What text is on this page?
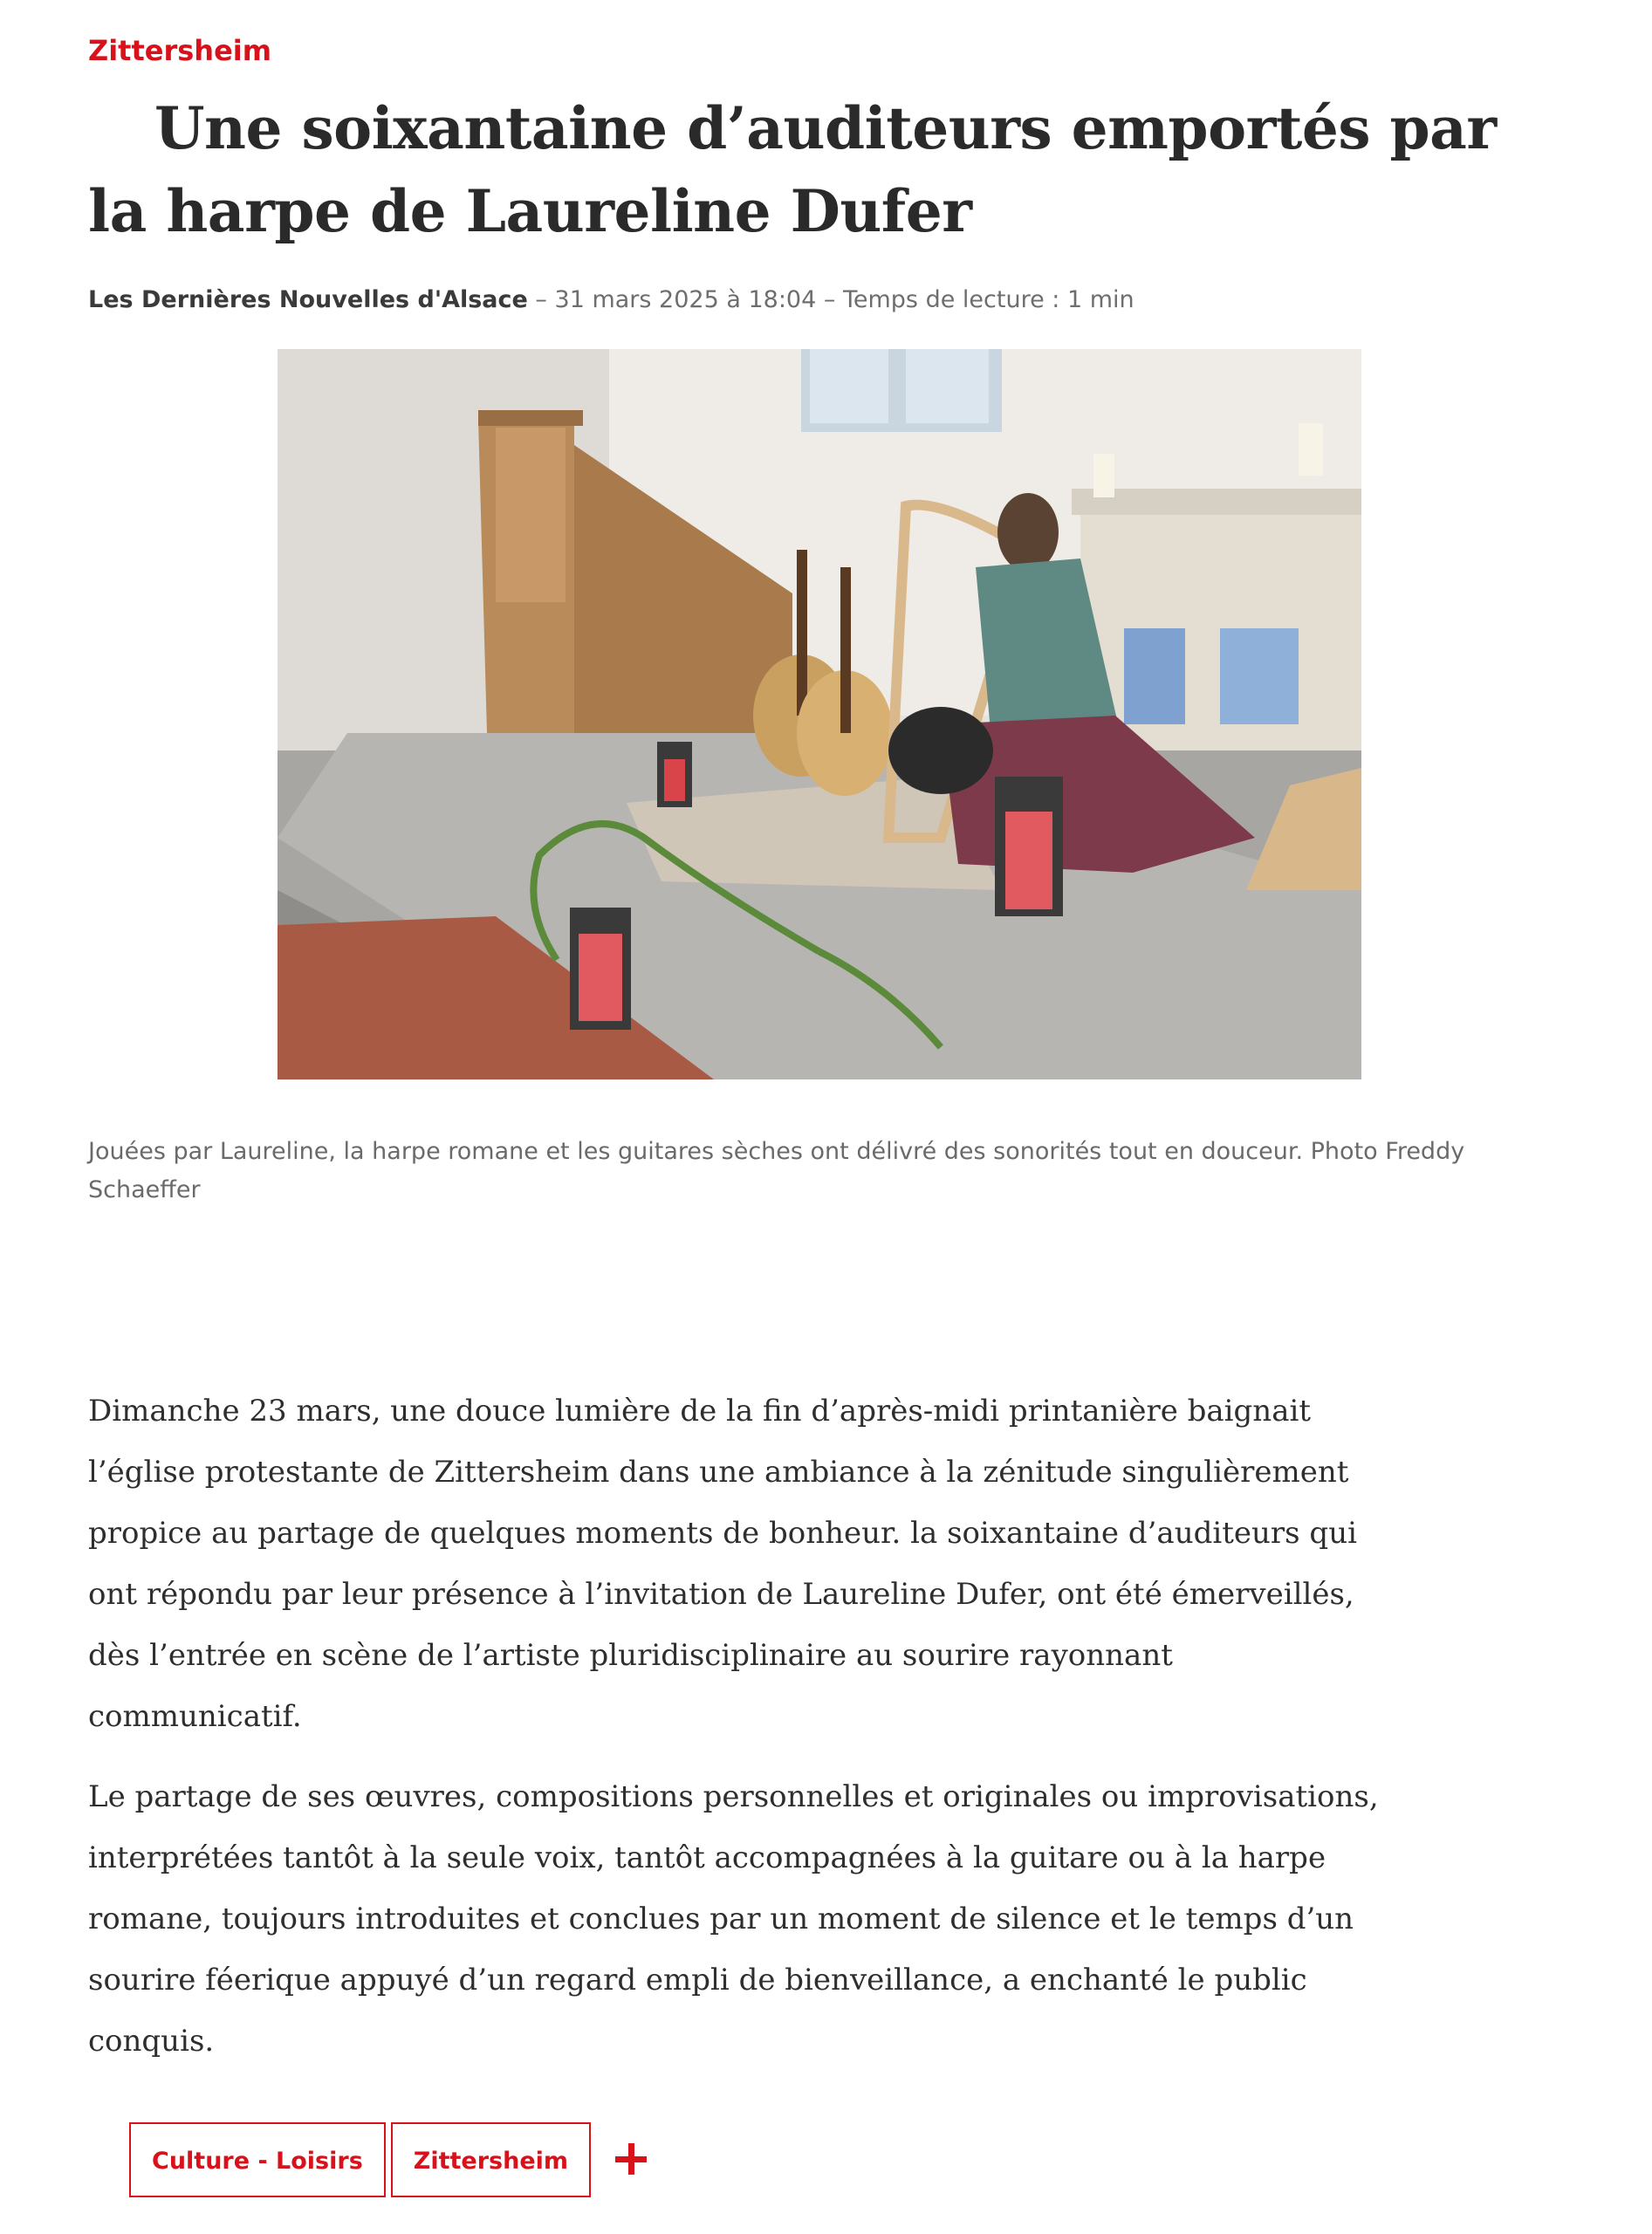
Zittersheim
Une soixantaine d’auditeurs emportés par la harpe de Laureline Dufer
Les Dernières Nouvelles d'Alsace – 31 mars 2025 à 18:04 – Temps de lecture : 1 min
Jouées par Laureline, la harpe romane et les guitares sèches ont délivré des sonorités tout en douceur. Photo Freddy Schaeffer

Dimanche 23 mars, une douce lumière de la fin d’après-midi printanière baignait l’église protestante de Zittersheim dans une ambiance à la zénitude singulièrement propice au partage de quelques moments de bonheur. la soixantaine d’auditeurs qui ont répondu par leur présence à l’invitation de Laureline Dufer, ont été émerveillés, dès l’entrée en scène de l’artiste pluridisciplinaire au sourire rayonnant communicatif.

Le partage de ses œuvres, compositions personnelles et originales ou improvisations, interprétées tantôt à la seule voix, tantôt accompagnées à la guitare ou à la harpe romane, toujours introduites et conclues par un moment de silence et le temps d’un sourire féerique appuyé d’un regard empli de bienveillance, a enchanté le public conquis.

Culture - Loisirs	Zittersheim
